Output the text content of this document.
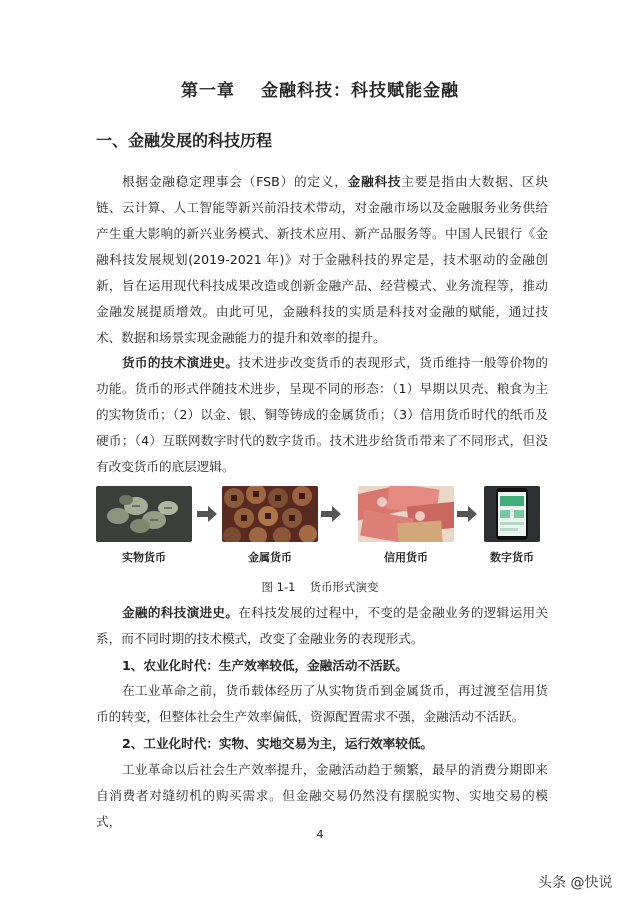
第一章 金融科技：科技赋能金融
一、金融发展的科技历程

根据金融稳定理事会（FSB）的定义，金融科技主要是指由大数据、区块链、云计算、人工智能等新兴前沿技术带动，对金融市场以及金融服务业务供给产生重大影响的新兴业务模式、新技术应用、新产品服务等。中国人民银行《金融科技发展规划(2019-2021 年)》对于金融科技的界定是，技术驱动的金融创新，旨在运用现代科技成果改造或创新金融产品、经营模式、业务流程等，推动金融发展提质增效。由此可见，金融科技的实质是科技对金融的赋能，通过技术、数据和场景实现金融能力的提升和效率的提升。

货币的技术演进史。技术进步改变货币的表现形式，货币维持一般等价物的功能。货币的形式伴随技术进步，呈现不同的形态：（1）早期以贝壳、粮食为主的实物货币；（2）以金、银、铜等铸成的金属货币；（3）信用货币时代的纸币及硬币；（4）互联网数字时代的数字货币。技术进步给货币带来了不同形式，但没有改变货币的底层逻辑。

实物货币	金属货币	信用货币	数字货币
图 1-1 货币形式演变

金融的科技演进史。在科技发展的过程中，不变的是金融业务的逻辑运用关系，而不同时期的技术模式，改变了金融业务的表现形式。

1、农业化时代：生产效率较低，金融活动不活跃。

在工业革命之前，货币载体经历了从实物货币到金属货币，再过渡至信用货币的转变，但整体社会生产效率偏低，资源配置需求不强，金融活动不活跃。

2、工业化时代：实物、实地交易为主，运行效率较低。

工业革命以后社会生产效率提升，金融活动趋于频繁，最早的消费分期即来自消费者对缝纫机的购买需求。但金融交易仍然没有摆脱实物、实地交易的模式，

4
头条 @快说
